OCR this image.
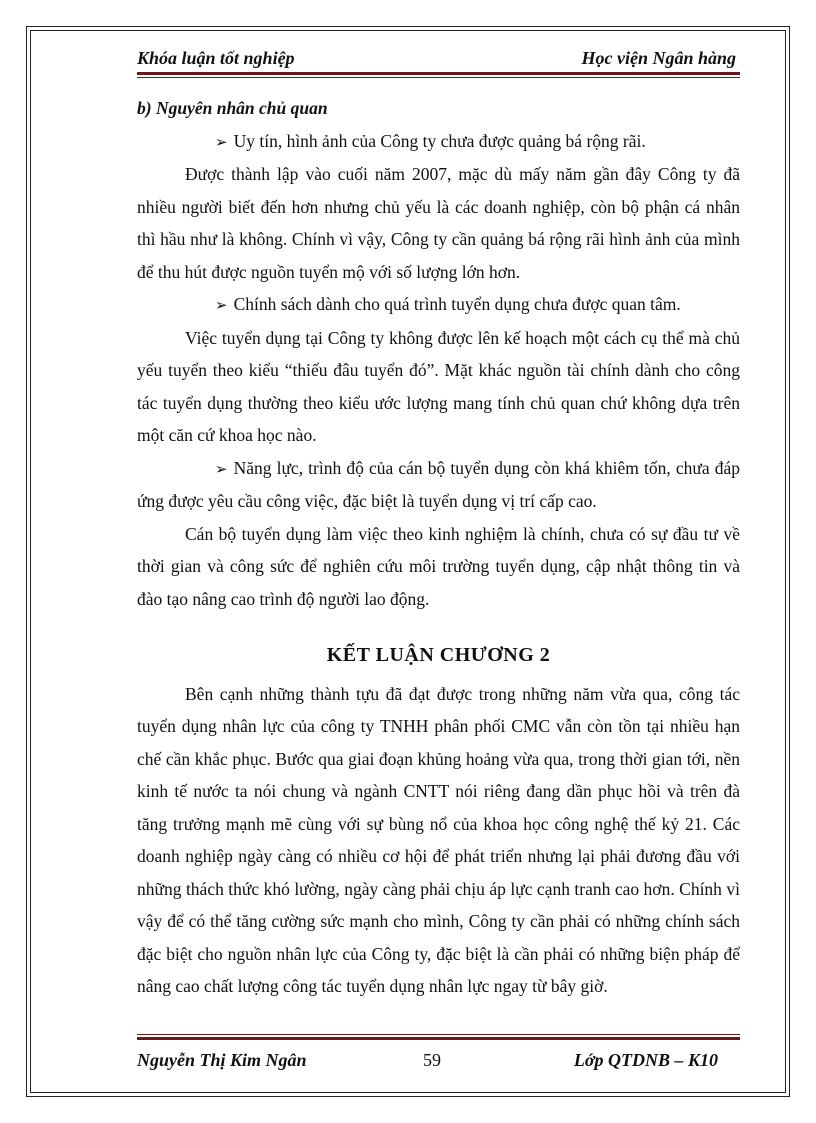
Khóa luận tốt nghiệp	Học viện Ngân hàng

b) Nguyên nhân chủ quan

➢ Uy tín, hình ảnh của Công ty chưa được quảng bá rộng rãi.

Được thành lập vào cuối năm 2007, mặc dù mấy năm gần đây Công ty đã nhiều người biết đến hơn nhưng chủ yếu là các doanh nghiệp, còn bộ phận cá nhân thì hầu như là không. Chính vì vậy, Công ty cần quảng bá rộng rãi hình ảnh của mình để thu hút được nguồn tuyển mộ với số lượng lớn hơn.

➢ Chính sách dành cho quá trình tuyển dụng chưa được quan tâm.

Việc tuyển dụng tại Công ty không được lên kế hoạch một cách cụ thể mà chủ yếu tuyển theo kiểu “thiếu đâu tuyển đó”. Mặt khác nguồn tài chính dành cho công tác tuyển dụng thường theo kiểu ước lượng mang tính chủ quan chứ không dựa trên một căn cứ khoa học nào.

➢ Năng lực, trình độ của cán bộ tuyển dụng còn khá khiêm tốn, chưa đáp ứng được yêu cầu công việc, đặc biệt là tuyển dụng vị trí cấp cao.

Cán bộ tuyển dụng làm việc theo kinh nghiệm là chính, chưa có sự đầu tư về thời gian và công sức để nghiên cứu môi trường tuyển dụng, cập nhật thông tin và đào tạo nâng cao trình độ người lao động.

KẾT LUẬN CHƯƠNG 2

Bên cạnh những thành tựu đã đạt được trong những năm vừa qua, công tác tuyển dụng nhân lực của công ty TNHH phân phối CMC vẫn còn tồn tại nhiều hạn chế cần khắc phục. Bước qua giai đoạn khủng hoảng vừa qua, trong thời gian tới, nền kinh tế nước ta nói chung và ngành CNTT nói riêng đang dần phục hồi và trên đà tăng trưởng mạnh mẽ cùng với sự bùng nổ của khoa học công nghệ thế kỷ 21. Các doanh nghiệp ngày càng có nhiều cơ hội để phát triển nhưng lại phải đương đầu với những thách thức khó lường, ngày càng phải chịu áp lực cạnh tranh cao hơn. Chính vì vậy để có thể tăng cường sức mạnh cho mình, Công ty cần phải có những chính sách đặc biệt cho nguồn nhân lực của Công ty, đặc biệt là cần phải có những biện pháp để nâng cao chất lượng công tác tuyển dụng nhân lực ngay từ bây giờ.

Nguyễn Thị Kim Ngân	59	Lớp QTDNB – K10
